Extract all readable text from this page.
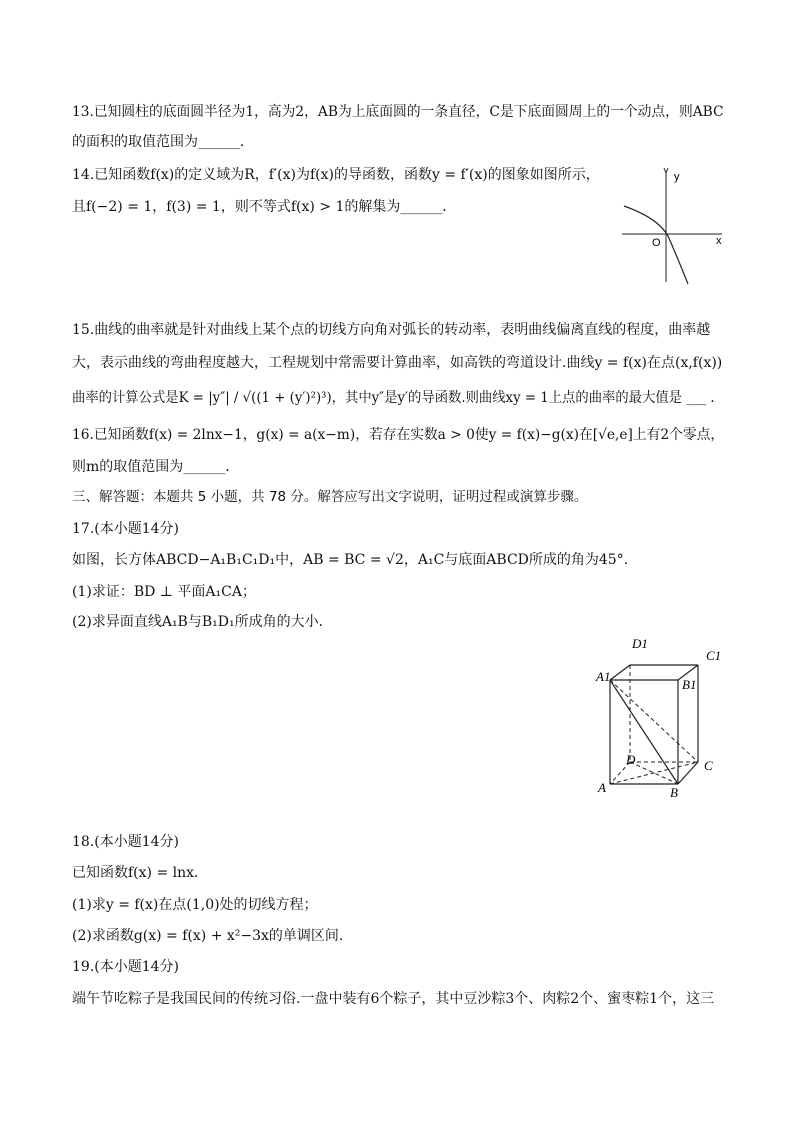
13.已知圆柱的底面圆半径为1，高为2，AB为上底面圆的一条直径，C是下底面圆周上的一个动点，则ABC
的面积的取值范围为______．
14.已知函数f(x)的定义域为R，f′(x)为f(x)的导函数，函数y = f′(x)的图象如图所示，
且f(−2) = 1，f(3) = 1，则不等式f(x) > 1的解集为______．
y
x
O
15.曲线的曲率就是针对曲线上某个点的切线方向角对弧长的转动率，表明曲线偏离直线的程度，曲率越
大，表示曲线的弯曲程度越大，工程规划中常需要计算曲率，如高铁的弯道设计.曲线y = f(x)在点(x,f(x))
曲率的计算公式是K = |y″| / √((1 + (y′)²)³)，其中y″是y′的导函数.则曲线xy = 1上点的曲率的最大值是 ___ ．
16.已知函数f(x) = 2lnx−1，g(x) = a(x−m)，若存在实数a > 0使y = f(x)−g(x)在[√e,e]上有2个零点，
则m的取值范围为______．
三、解答题：本题共 5 小题，共 78 分。解答应写出文字说明，证明过程或演算步骤。
17.(本小题14分)
如图，长方体ABCD−A₁B₁C₁D₁中，AB = BC = √2，A₁C与底面ABCD所成的角为45°．
(1)求证：BD ⊥ 平面A₁CA；
(2)求异面直线A₁B与B₁D₁所成角的大小．
A1
B1
C1
D1
A	B
C
D
18.(本小题14分)
已知函数f(x) = lnx．
(1)求y = f(x)在点(1,0)处的切线方程；
(2)求函数g(x) = f(x) + x²−3x的单调区间．
19.(本小题14分)
端午节吃粽子是我国民间的传统习俗.一盘中装有6个粽子，其中豆沙粽3个、肉粽2个、蜜枣粽1个，这三
